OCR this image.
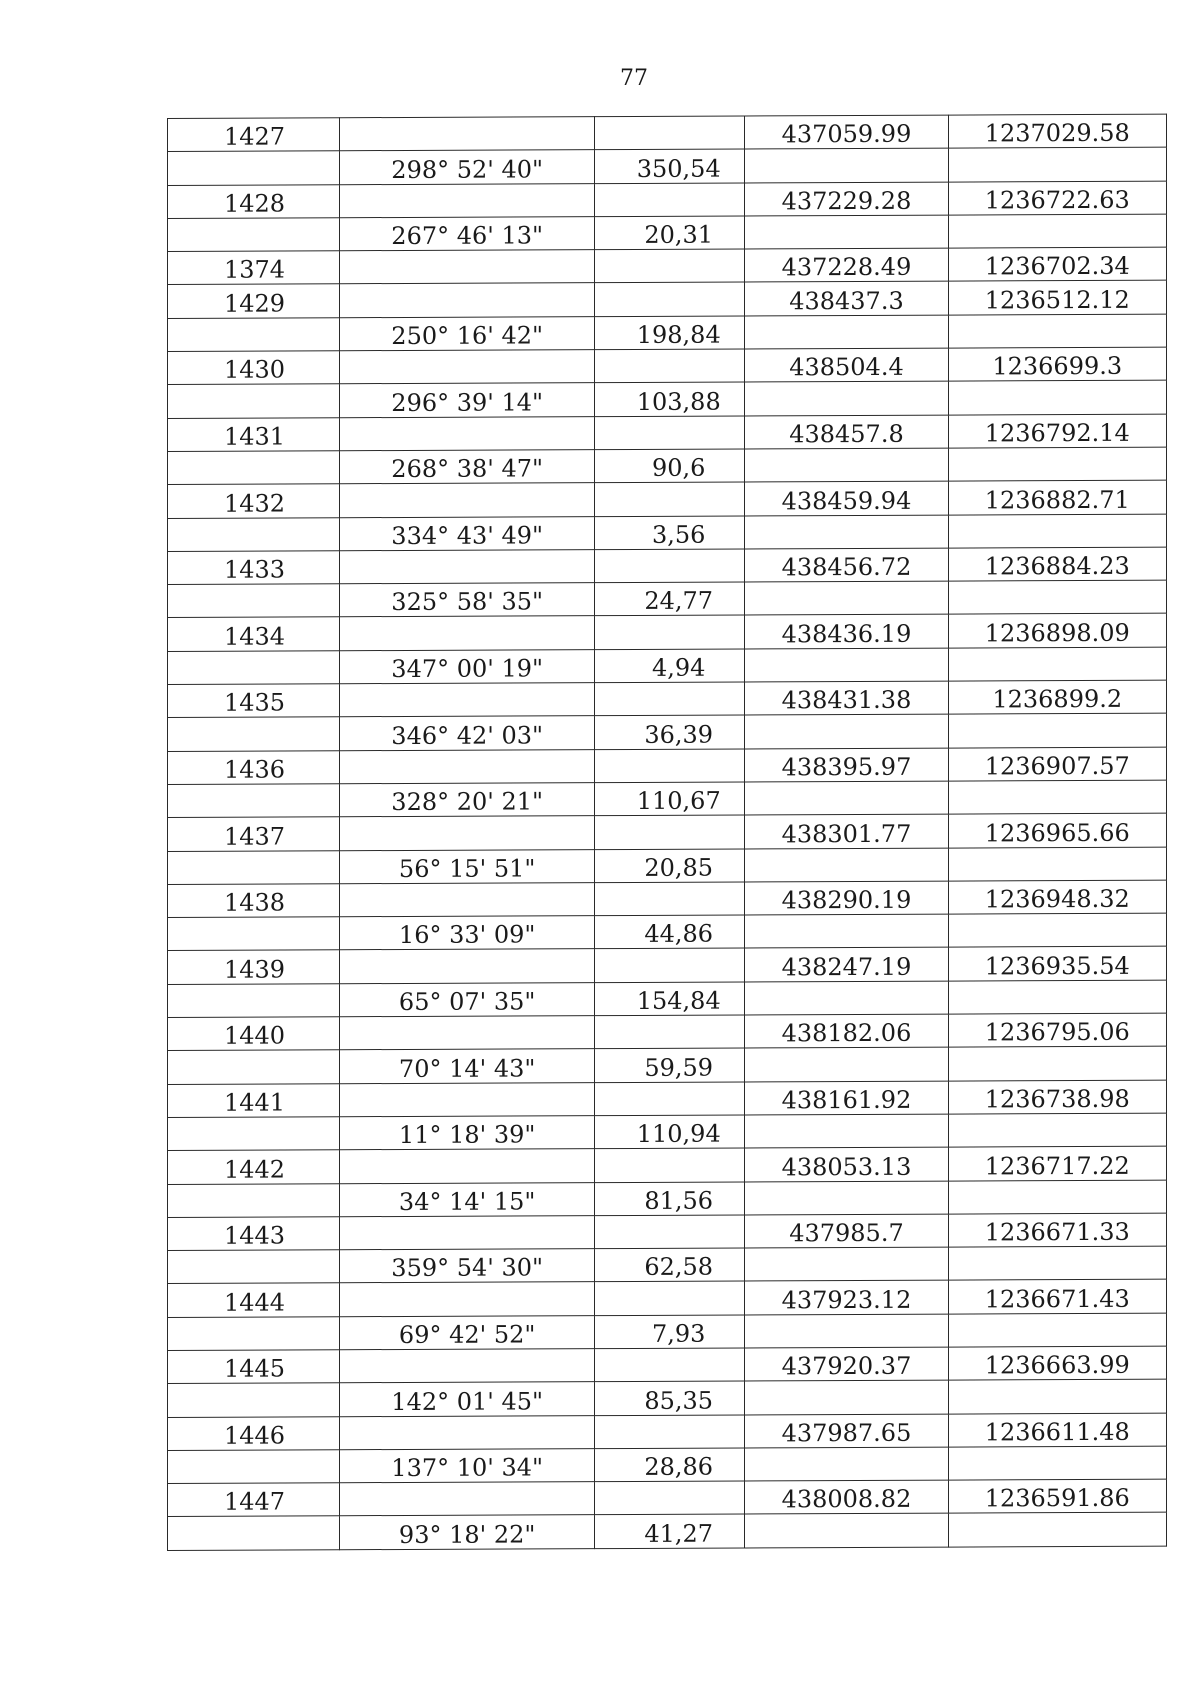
77
1427			437059.99	1237029.58
	298° 52' 40"	350,54		
1428			437229.28	1236722.63
	267° 46' 13"	20,31		
1374			437228.49	1236702.34
1429			438437.3	1236512.12
	250° 16' 42"	198,84		
1430			438504.4	1236699.3
	296° 39' 14"	103,88		
1431			438457.8	1236792.14
	268° 38' 47"	90,6		
1432			438459.94	1236882.71
	334° 43' 49"	3,56		
1433			438456.72	1236884.23
	325° 58' 35"	24,77		
1434			438436.19	1236898.09
	347° 00' 19"	4,94		
1435			438431.38	1236899.2
	346° 42' 03"	36,39		
1436			438395.97	1236907.57
	328° 20' 21"	110,67		
1437			438301.77	1236965.66
	56° 15' 51"	20,85		
1438			438290.19	1236948.32
	16° 33' 09"	44,86		
1439			438247.19	1236935.54
	65° 07' 35"	154,84		
1440			438182.06	1236795.06
	70° 14' 43"	59,59		
1441			438161.92	1236738.98
	11° 18' 39"	110,94		
1442			438053.13	1236717.22
	34° 14' 15"	81,56		
1443			437985.7	1236671.33
	359° 54' 30"	62,58		
1444			437923.12	1236671.43
	69° 42' 52"	7,93		
1445			437920.37	1236663.99
	142° 01' 45"	85,35		
1446			437987.65	1236611.48
	137° 10' 34"	28,86		
1447			438008.82	1236591.86
	93° 18' 22"	41,27		
